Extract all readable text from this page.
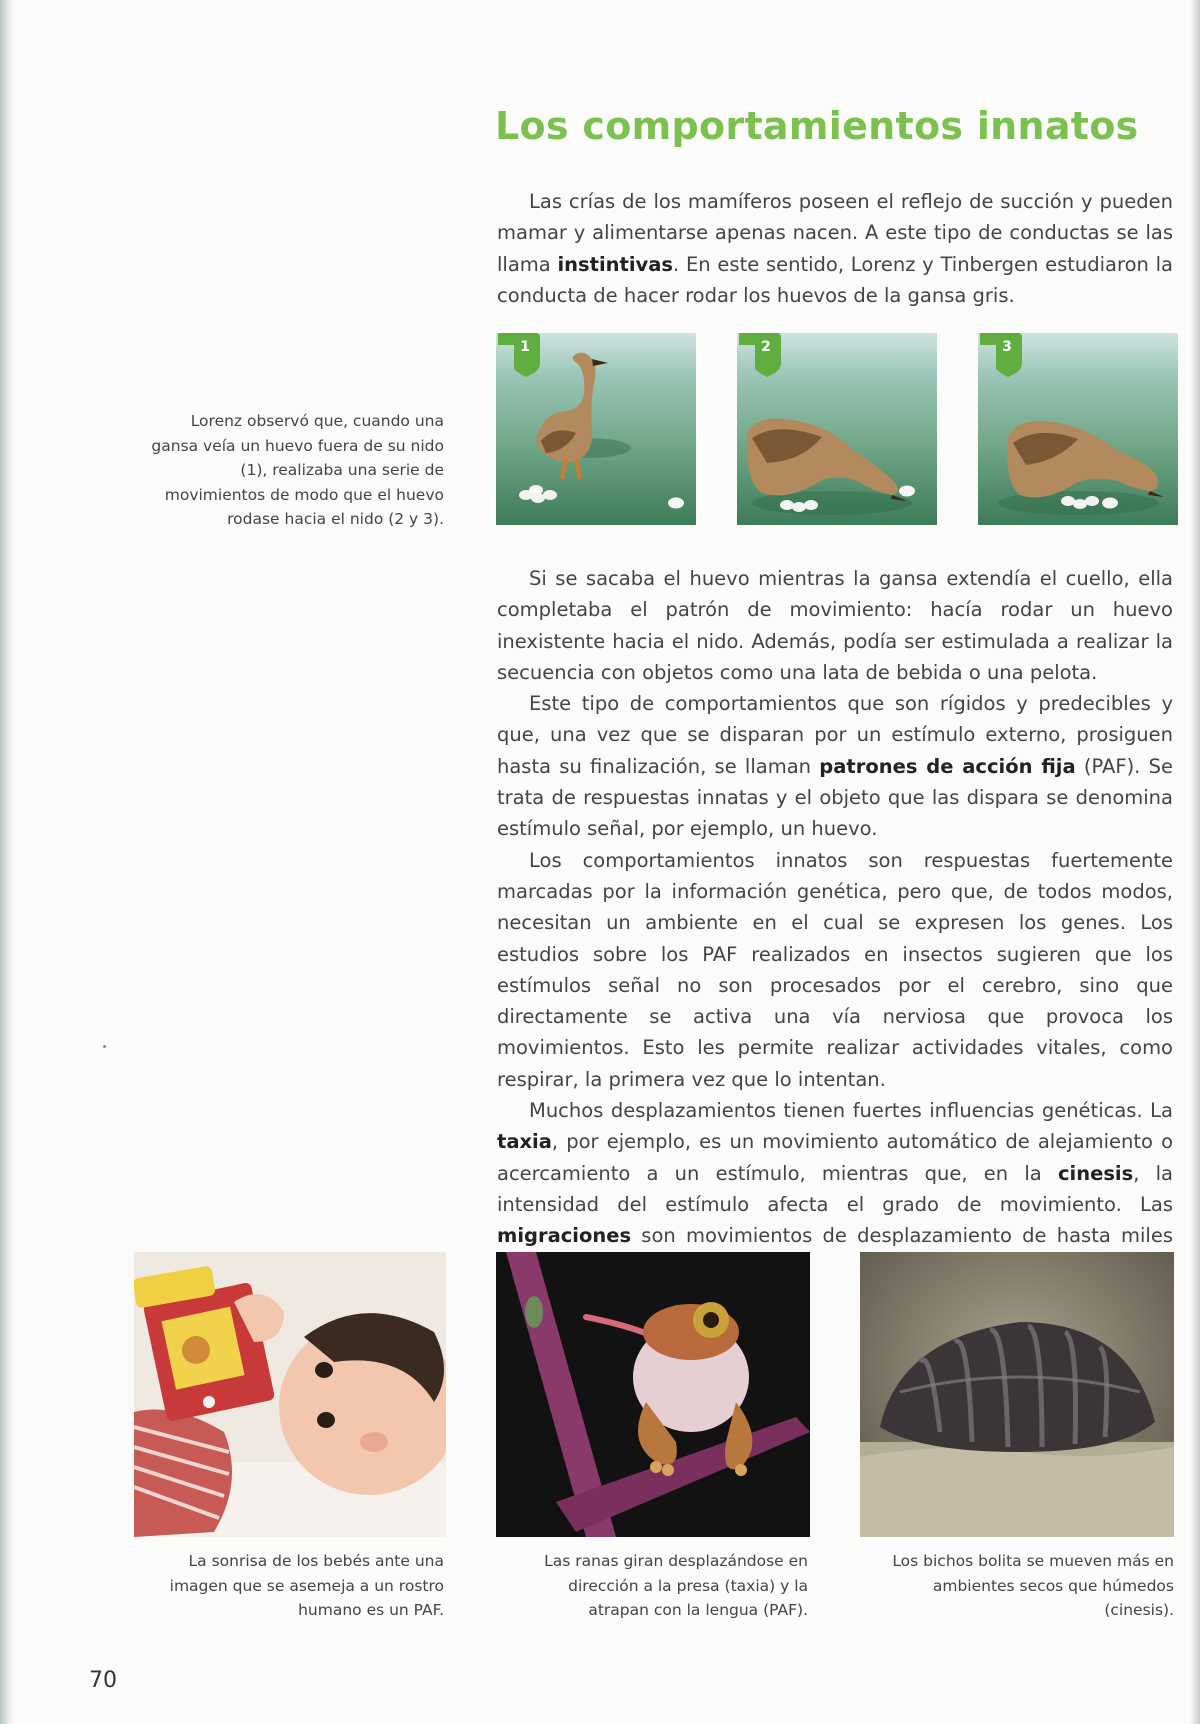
Los comportamientos innatos

Las crías de los mamíferos poseen el reflejo de succión y pueden mamar y alimentarse apenas nacen. A este tipo de conductas se las llama instintivas. En este sentido, Lorenz y Tinbergen estudiaron la conducta de hacer rodar los huevos de la gansa gris.

1	2	3
Lorenz observó que, cuando una gansa veía un huevo fuera de su nido (1), realizaba una serie de movimientos de modo que el huevo rodase hacia el nido (2 y 3).

Si se sacaba el huevo mientras la gansa extendía el cuello, ella completaba el patrón de movimiento: hacía rodar un huevo inexistente hacia el nido. Además, podía ser estimulada a realizar la secuencia con objetos como una lata de bebida o una pelota.

Este tipo de comportamientos que son rígidos y predecibles y que, una vez que se disparan por un estímulo externo, prosiguen hasta su finalización, se llaman patrones de acción fija (PAF). Se trata de respuestas innatas y el objeto que las dispara se denomina estímulo señal, por ejemplo, un huevo.

Los comportamientos innatos son respuestas fuertemente marcadas por la información genética, pero que, de todos modos, necesitan un ambiente en el cual se expresen los genes. Los estudios sobre los PAF realizados en insectos sugieren que los estímulos señal no son procesados por el cerebro, sino que directamente se activa una vía nerviosa que provoca los movimientos. Esto les permite realizar actividades vitales, como respirar, la primera vez que lo intentan.

Muchos desplazamientos tienen fuertes influencias genéticas. La taxia, por ejemplo, es un movimiento automático de alejamiento o acercamiento a un estímulo, mientras que, en la cinesis, la intensidad del estímulo afecta el grado de movimiento. Las migraciones son movimientos de desplazamiento de hasta miles

La sonrisa de los bebés ante una imagen que se asemeja a un rostro humano es un PAF.
Las ranas giran desplazándose en dirección a la presa (taxia) y la atrapan con la lengua (PAF).
Los bichos bolita se mueven más en ambientes secos que húmedos (cinesis).
70
